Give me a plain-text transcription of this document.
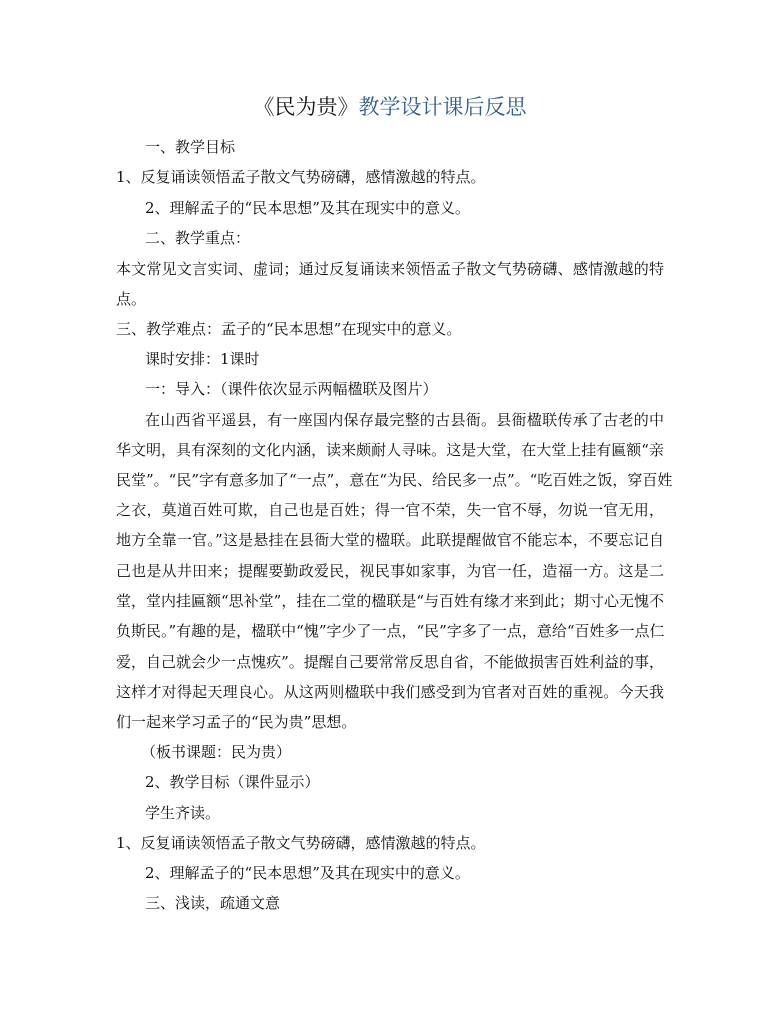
《民为贵》教学设计课后反思
一、教学目标
1、反复诵读领悟孟子散文气势磅礴，感情激越的特点。
2、理解孟子的“民本思想”及其在现实中的意义。
二、教学重点：
本文常见文言实词、虚词；通过反复诵读来领悟孟子散文气势磅礴、感情激越的特
点。
三、教学难点：孟子的“民本思想”在现实中的意义。
课时安排：1课时
一：导入：（课件依次显示两幅楹联及图片）
在山西省平遥县，有一座国内保存最完整的古县衙。县衙楹联传承了古老的中
华文明，具有深刻的文化内涵，读来颇耐人寻味。这是大堂，在大堂上挂有匾额“亲
民堂”。“民”字有意多加了“一点”，意在“为民、给民多一点”。“吃百姓之饭，穿百姓
之衣，莫道百姓可欺，自己也是百姓；得一官不荣，失一官不辱，勿说一官无用，
地方全靠一官。”这是悬挂在县衙大堂的楹联。此联提醒做官不能忘本，不要忘记自
己也是从井田来；提醒要勤政爱民，视民事如家事，为官一任，造福一方。这是二
堂，堂内挂匾额“思补堂”，挂在二堂的楹联是“与百姓有缘才来到此；期寸心无愧不
负斯民。”有趣的是，楹联中“愧”字少了一点，“民”字多了一点，意给“百姓多一点仁
爱，自己就会少一点愧疚”。提醒自己要常常反思自省，不能做损害百姓利益的事，
这样才对得起天理良心。从这两则楹联中我们感受到为官者对百姓的重视。今天我
们一起来学习孟子的“民为贵”思想。
（板书课题：民为贵）
2、教学目标（课件显示）
学生齐读。
1、反复诵读领悟孟子散文气势磅礴，感情激越的特点。
2、理解孟子的“民本思想”及其在现实中的意义。
三、浅读，疏通文意
